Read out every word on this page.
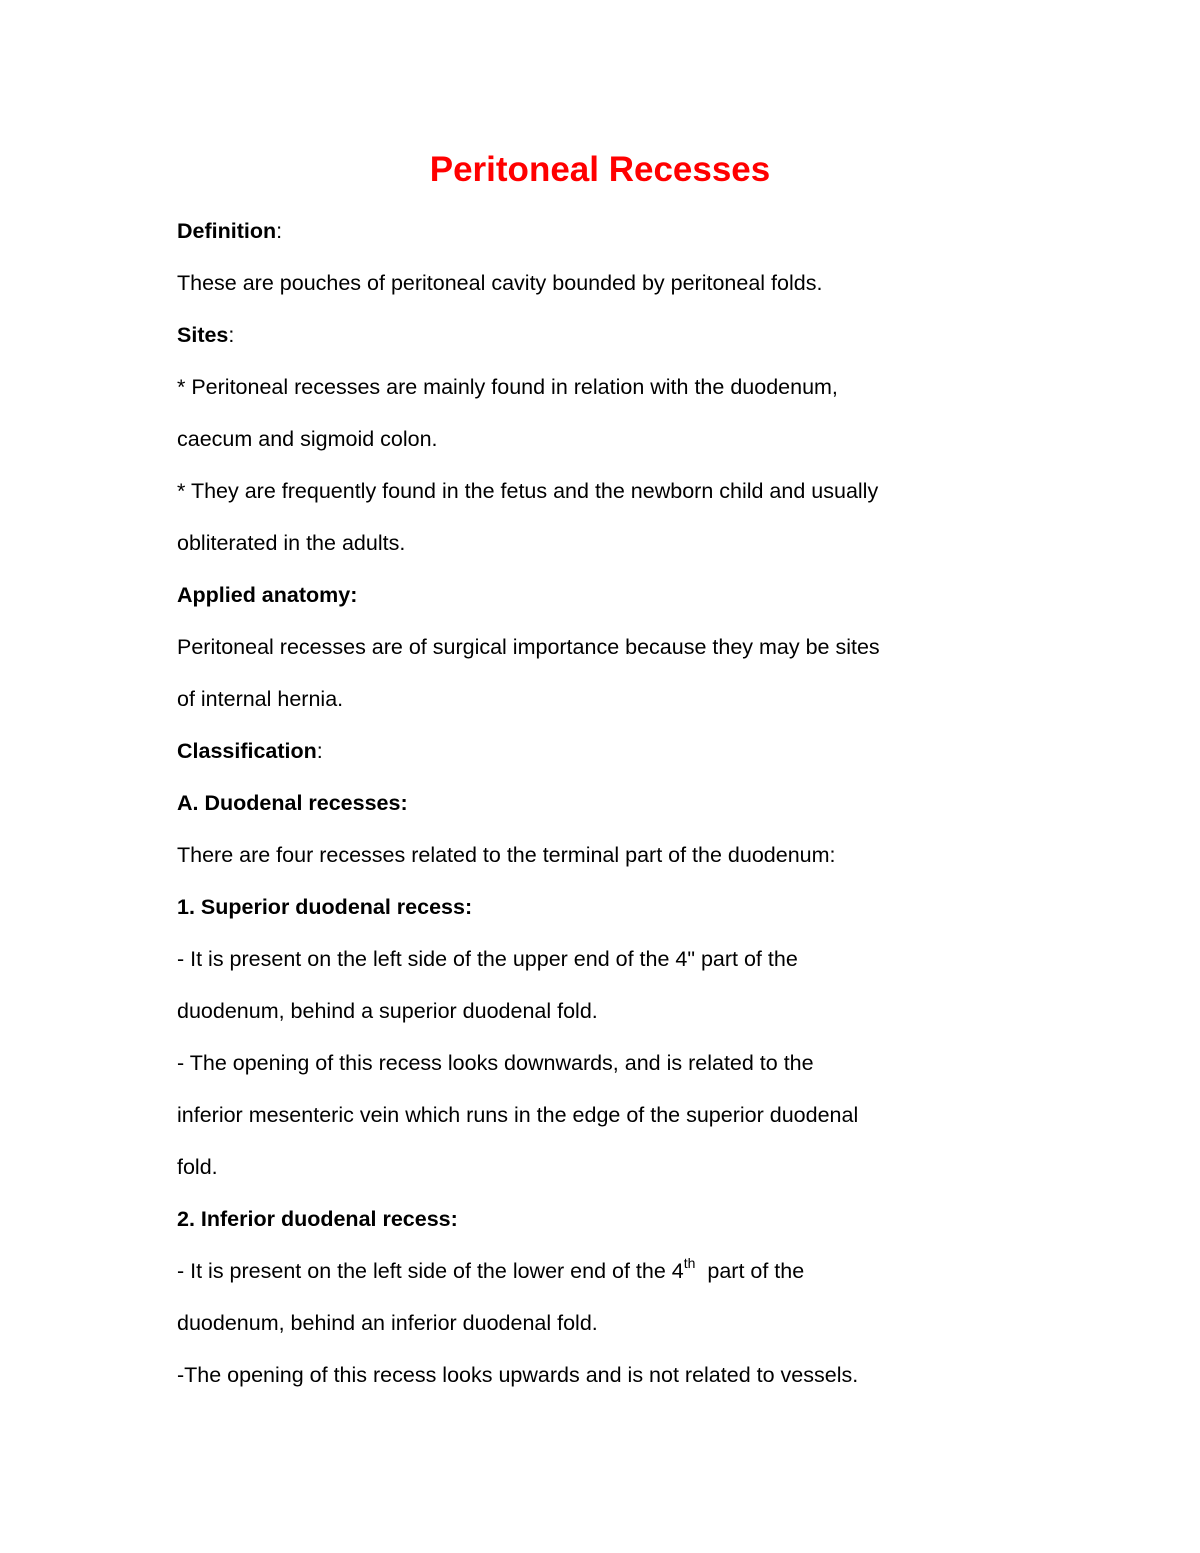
Peritoneal Recesses

Definition:

These are pouches of peritoneal cavity bounded by peritoneal folds.

Sites:

* Peritoneal recesses are mainly found in relation with the duodenum,

caecum and sigmoid colon.

* They are frequently found in the fetus and the newborn child and usually

obliterated in the adults.

Applied anatomy:

Peritoneal recesses are of surgical importance because they may be sites

of internal hernia.

Classification:

A. Duodenal recesses:

There are four recesses related to the terminal part of the duodenum:

1. Superior duodenal recess:

- It is present on the left side of the upper end of the 4" part of the

duodenum, behind a superior duodenal fold.

- The opening of this recess looks downwards, and is related to the

inferior mesenteric vein which runs in the edge of the superior duodenal

fold.

2. Inferior duodenal recess:

- It is present on the left side of the lower end of the 4th  part of the

duodenum, behind an inferior duodenal fold.

-The opening of this recess looks upwards and is not related to vessels.
